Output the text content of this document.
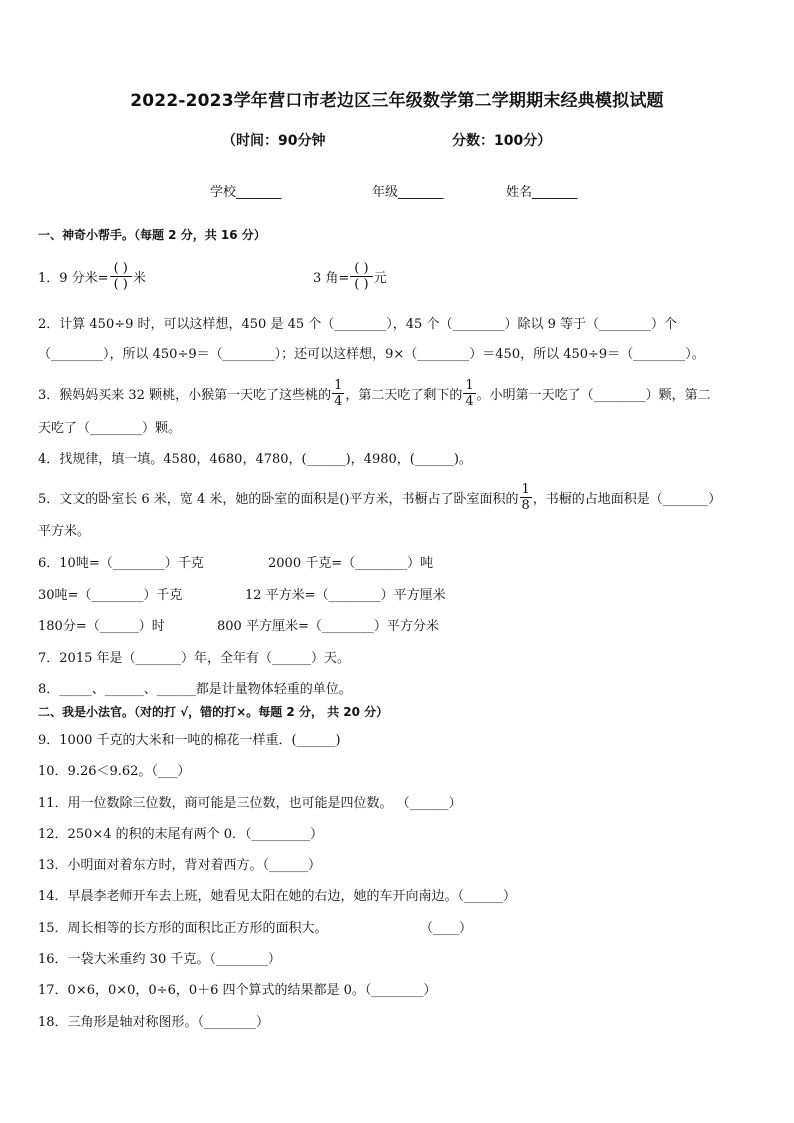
2022-2023学年营口市老边区三年级数学第二学期期末经典模拟试题
（时间：90分钟	分数：100分）
学校_______	年级_______	姓名_______
一、神奇小帮手。（每题 2 分，共 16 分）
1．9 分米= $\frac{( )}{( )}$ 米	3 角= $\frac{( )}{( )}$ 元
2．计算 450÷9 时，可以这样想，450 是 45 个（________），45 个（________）除以 9 等于（________）个
（________），所以 450÷9＝（________）；还可以这样想，9×（________）＝450，所以 450÷9＝（________）。
3．猴妈妈买来 32 颗桃，小猴第一天吃了这些桃的 $\frac{1}{4}$ ，第二天吃了剩下的 $\frac{1}{4}$ 。小明第一天吃了（________）颗，第二
天吃了（________）颗。
4．找规律，填一填。4580，4680，4780，(______)，4980，(______)。
5．文文的卧室长 6 米，宽 4 米，她的卧室的面积是()平方米，书橱占了卧室面积的 $\frac{1}{8}$ ，书橱的占地面积是（_______）
平方米。
6．10吨=（________）千克	2000 千克=（________）吨
30吨=（________）千克	12 平方米=（________）平方厘米
180分=（______）时	800 平方厘米=（________）平方分米
7．2015 年是（_______）年，全年有（______）天。
8．_____、______、______都是计量物体轻重的单位。
二、我是小法官。（对的打 √，错的打×。每题 2 分， 共 20 分）
9．1000 千克的大米和一吨的棉花一样重．(______)
10．9.26＜9.62。（___）
11．用一位数除三位数，商可能是三位数，也可能是四位数。 （______）
12．250×4 的积的末尾有两个 0．（_________）
13．小明面对着东方时，背对着西方。（______）
14．早晨李老师开车去上班，她看见太阳在她的右边，她的车开向南边。（______）
15．周长相等的长方形的面积比正方形的面积大。	（____）
16．一袋大米重约 30 千克。（________）
17．0×6，0×0，0÷6，0＋6 四个算式的结果都是 0。（________）
18．三角形是轴对称图形。（________）
